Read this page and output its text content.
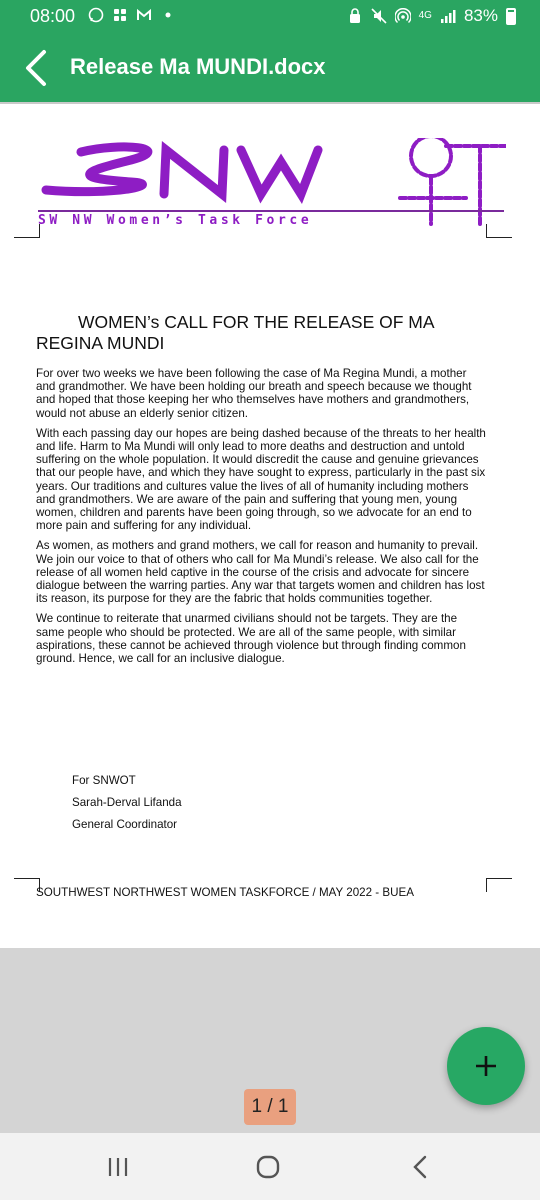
08:00	4G 83%
Release Ma MUNDI.docx
SW NW Women’s Task Force
WOMEN’s CALL FOR THE RELEASE OF MA
REGINA MUNDI

For over two weeks we have been following the case of Ma Regina Mundi, a mother and grandmother. We have been holding our breath and speech because we thought and hoped that those keeping her who themselves have mothers and grandmothers, would not abuse an elderly senior citizen.

With each passing day our hopes are being dashed because of the threats to her health and life. Harm to Ma Mundi will only lead to more deaths and destruction and untold suffering on the whole population. It would discredit the cause and genuine grievances that our people have, and which they have sought to express, particularly in the past six years. Our traditions and cultures value the lives of all of humanity including mothers and grandmothers. We are aware of the pain and suffering that young men, young women, children and parents have been going through, so we advocate for an end to more pain and suffering for any individual.

As women, as mothers and grand mothers, we call for reason and humanity to prevail. We join our voice to that of others who call for Ma Mundi’s release. We also call for the release of all women held captive in the course of the crisis and advocate for sincere dialogue between the warring parties. Any war that targets women and children has lost its reason, its purpose for they are the fabric that holds communities together.

We continue to reiterate that unarmed civilians should not be targets. They are the same people who should be protected. We are all of the same people, with similar aspirations, these cannot be achieved through violence but through finding common ground. Hence, we call for an inclusive dialogue.

For SNWOT
Sarah-Derval Lifanda
General Coordinator
SOUTHWEST NORTHWEST WOMEN TASKFORCE / MAY 2022 - BUEA
1 / 1
